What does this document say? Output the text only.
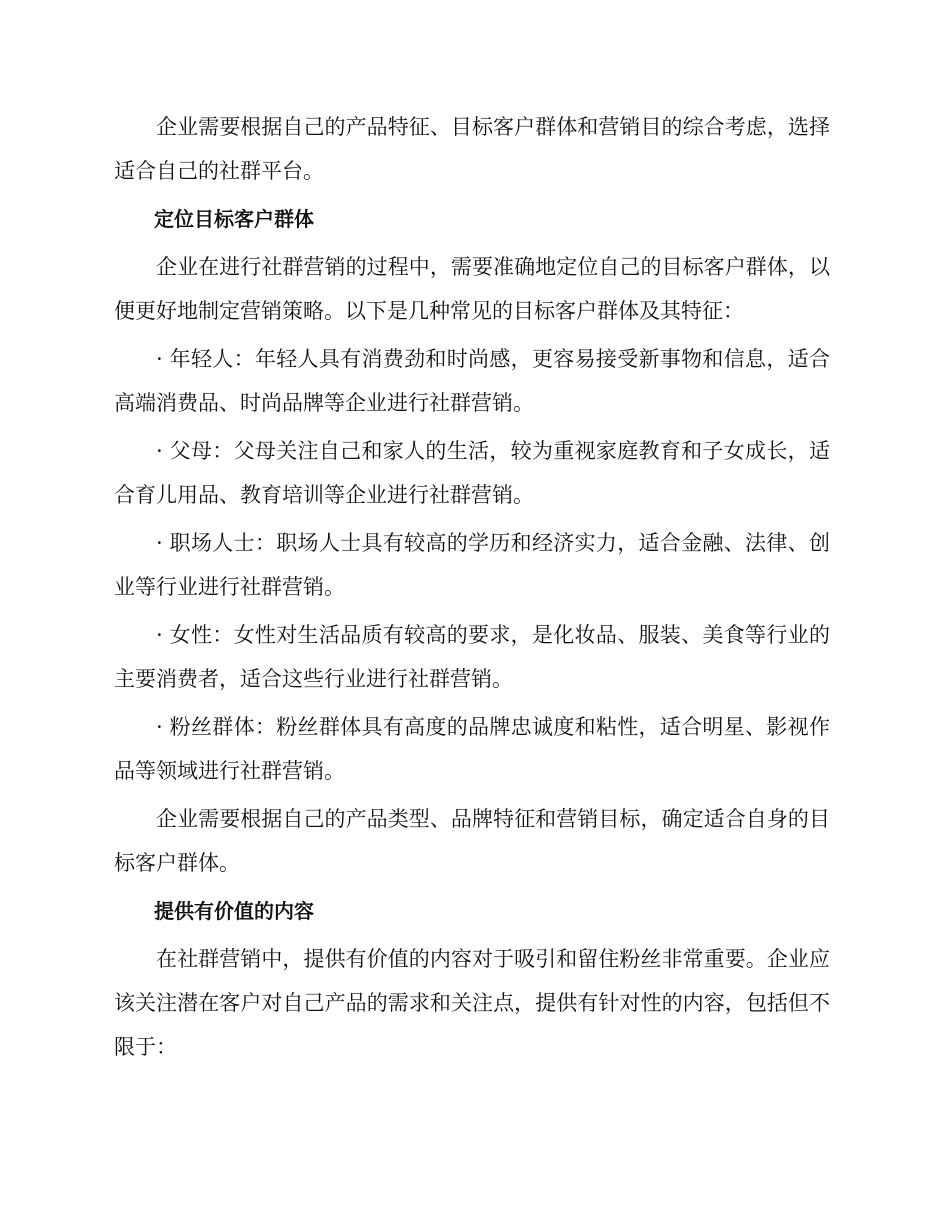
企业需要根据自己的产品特征、目标客户群体和营销目的综合考虑，选择适合自己的社群平台。

定位目标客户群体

企业在进行社群营销的过程中，需要准确地定位自己的目标客户群体，以便更好地制定营销策略。以下是几种常见的目标客户群体及其特征：

· 年轻人：年轻人具有消费劲和时尚感，更容易接受新事物和信息，适合高端消费品、时尚品牌等企业进行社群营销。

· 父母：父母关注自己和家人的生活，较为重视家庭教育和子女成长，适合育儿用品、教育培训等企业进行社群营销。

· 职场人士：职场人士具有较高的学历和经济实力，适合金融、法律、创业等行业进行社群营销。

· 女性：女性对生活品质有较高的要求，是化妆品、服装、美食等行业的主要消费者，适合这些行业进行社群营销。

· 粉丝群体：粉丝群体具有高度的品牌忠诚度和粘性，适合明星、影视作品等领域进行社群营销。

企业需要根据自己的产品类型、品牌特征和营销目标，确定适合自身的目标客户群体。

提供有价值的内容

在社群营销中，提供有价值的内容对于吸引和留住粉丝非常重要。企业应该关注潜在客户对自己产品的需求和关注点，提供有针对性的内容，包括但不限于：
